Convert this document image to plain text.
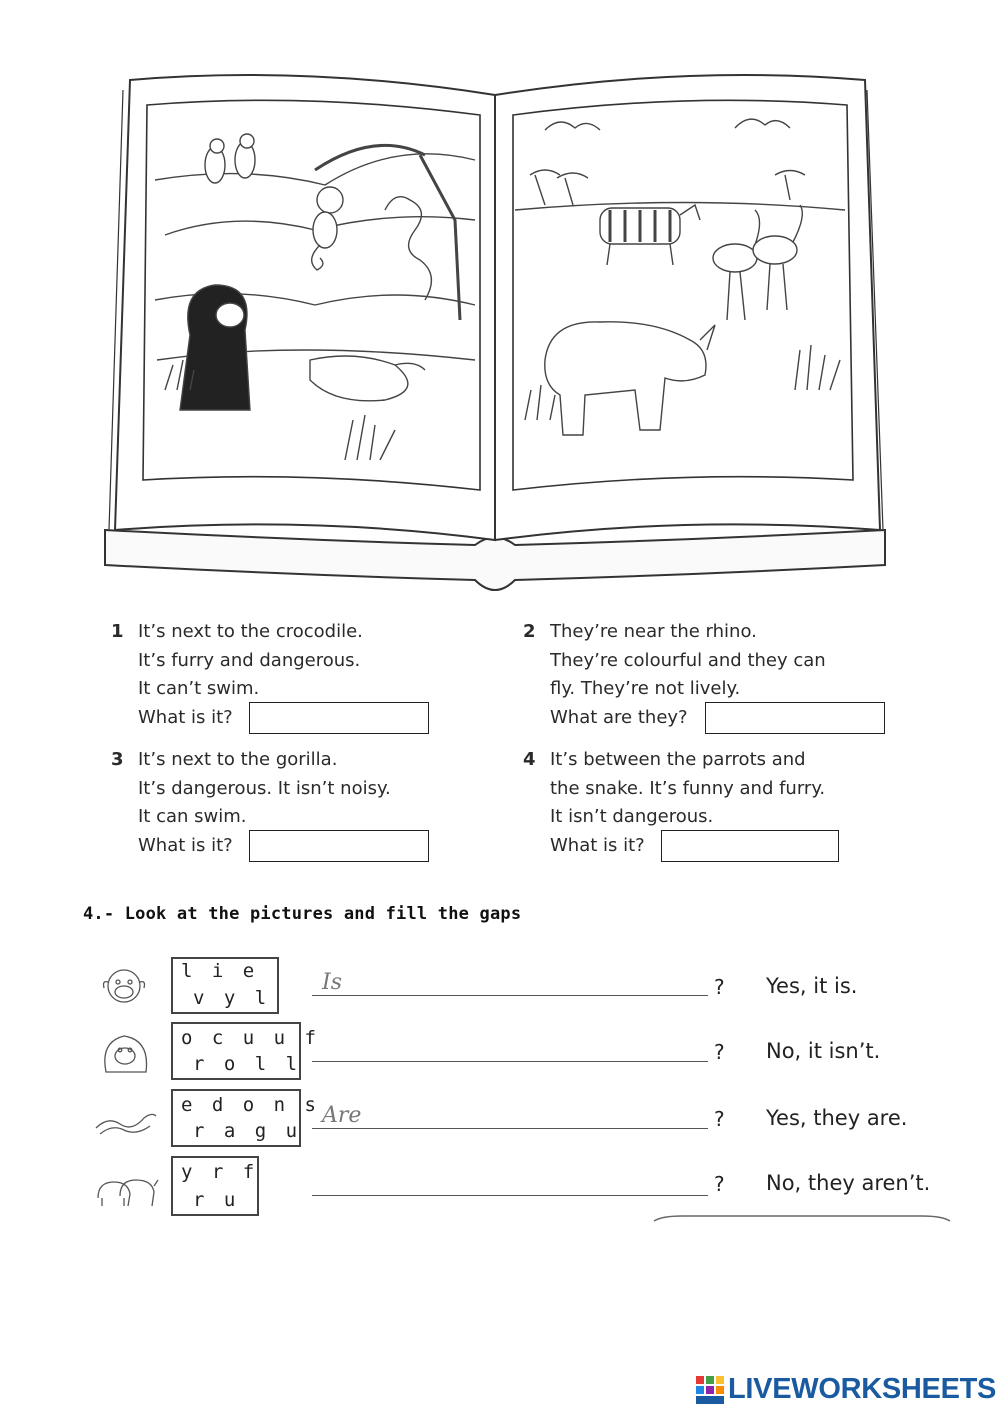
1 It’s next to the crocodile.
It’s furry and dangerous.
It can’t swim.
What is it?
2 They’re near the rhino.
They’re colourful and they can
fly. They’re not lively.
What are they?
3 It’s next to the gorilla.
It’s dangerous. It isn’t noisy.
It can swim.
What is it?
4 It’s between the parrots and
the snake. It’s funny and furry.
It isn’t dangerous.
What is it?
4.- Look at the pictures and fill the gaps
l i e
v y l
Is	? Yes, it is.
o c u u f
r o l l	? No, it isn’t.
e d o n s
r a g u
Are	? Yes, they are.
y r f
r u
? No, they aren’t.
LIVEWORKSHEETS
